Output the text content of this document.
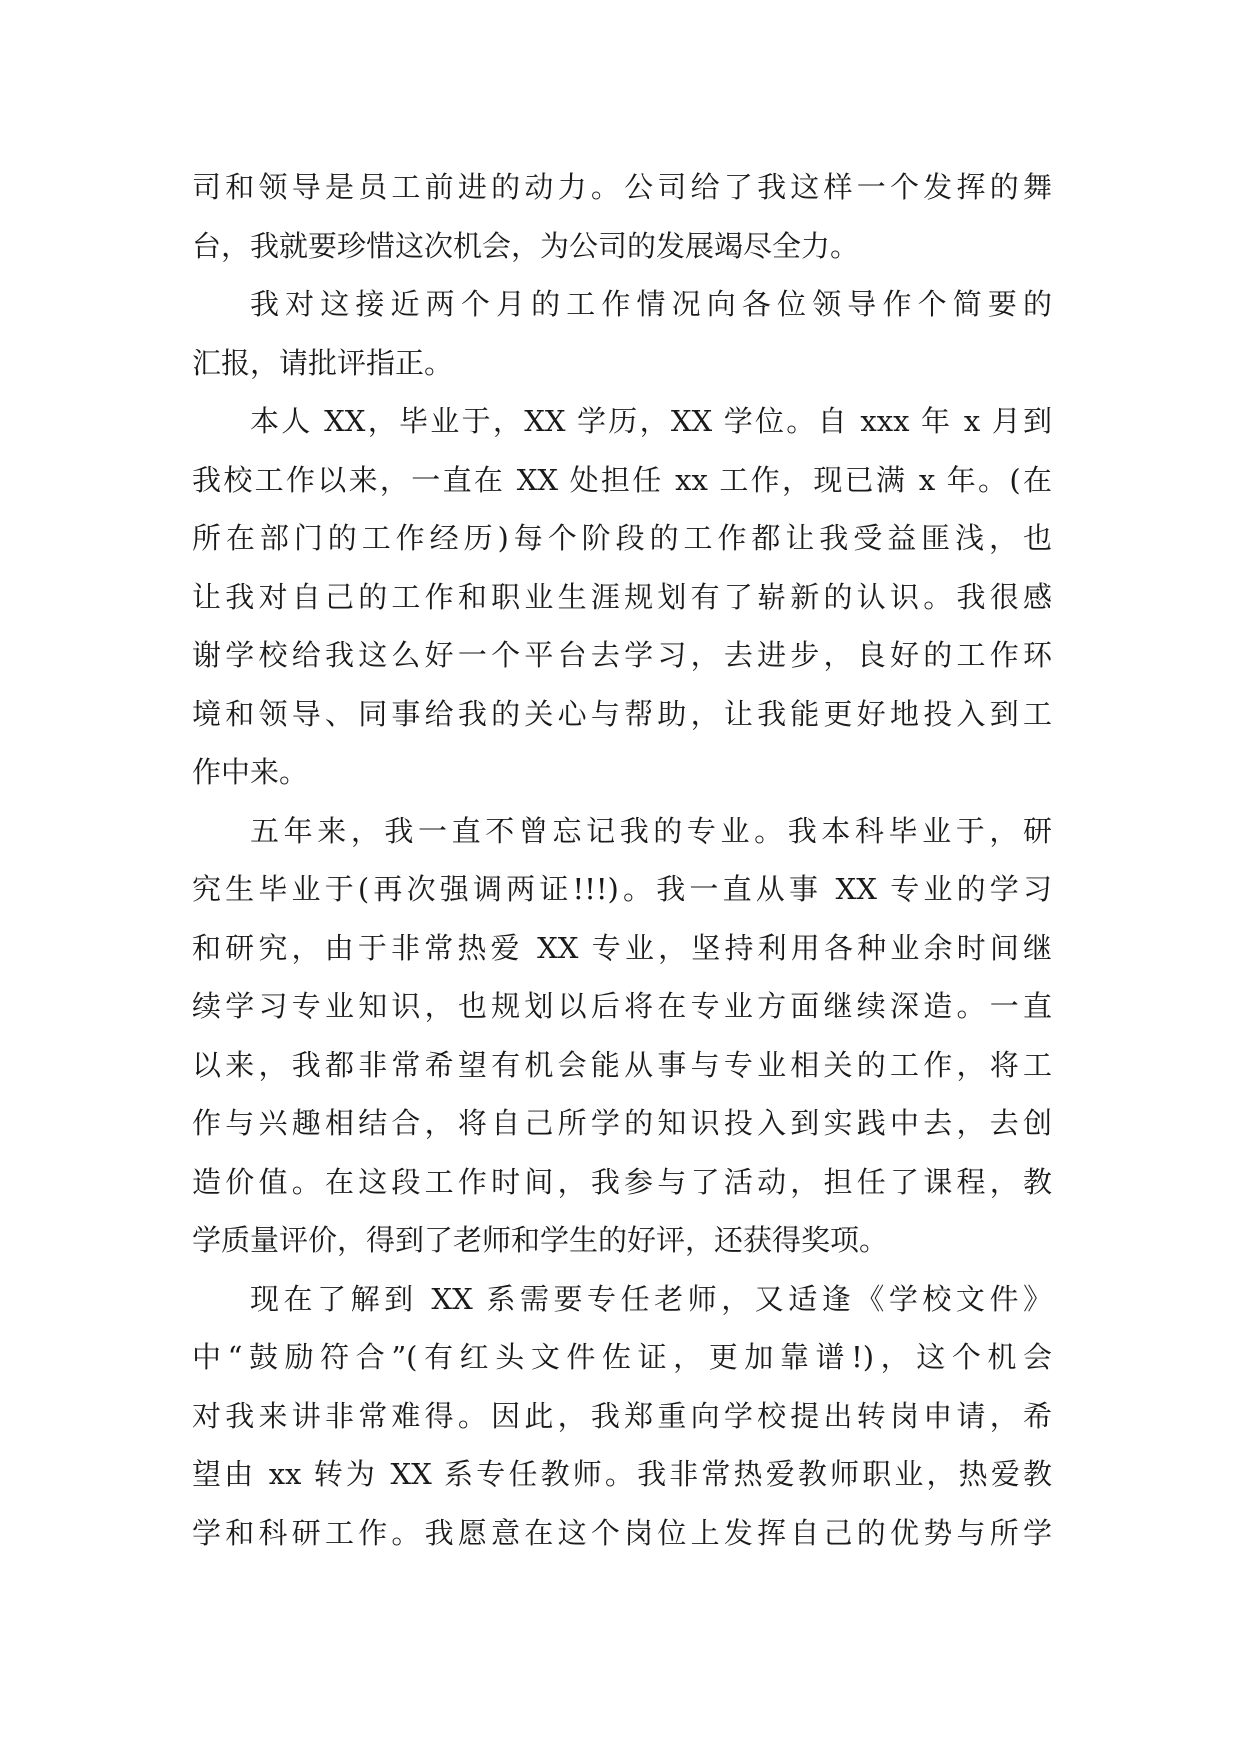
司和领导是员工前进的动力。公司给了我这样一个发挥的舞
台，我就要珍惜这次机会，为公司的发展竭尽全力。
我对这接近两个月的工作情况向各位领导作个简要的
汇报，请批评指正。
本人 XX，毕业于，XX 学历，XX 学位。自 xxx 年 x 月到
我校工作以来，一直在 XX 处担任 xx 工作，现已满 x 年。(在
所在部门的工作经历)每个阶段的工作都让我受益匪浅，也
让我对自己的工作和职业生涯规划有了崭新的认识。我很感
谢学校给我这么好一个平台去学习，去进步，良好的工作环
境和领导、同事给我的关心与帮助，让我能更好地投入到工
作中来。
五年来，我一直不曾忘记我的专业。我本科毕业于，研
究生毕业于(再次强调两证!!!)。我一直从事 XX 专业的学习
和研究，由于非常热爱 XX 专业，坚持利用各种业余时间继
续学习专业知识，也规划以后将在专业方面继续深造。一直
以来，我都非常希望有机会能从事与专业相关的工作，将工
作与兴趣相结合，将自己所学的知识投入到实践中去，去创
造价值。在这段工作时间，我参与了活动，担任了课程，教
学质量评价，得到了老师和学生的好评，还获得奖项。
现在了解到 XX 系需要专任老师，又适逢《学校文件》
中“鼓励符合”(有红头文件佐证，更加靠谱!)，这个机会
对我来讲非常难得。因此，我郑重向学校提出转岗申请，希
望由 xx 转为 XX 系专任教师。我非常热爱教师职业，热爱教
学和科研工作。我愿意在这个岗位上发挥自己的优势与所学
